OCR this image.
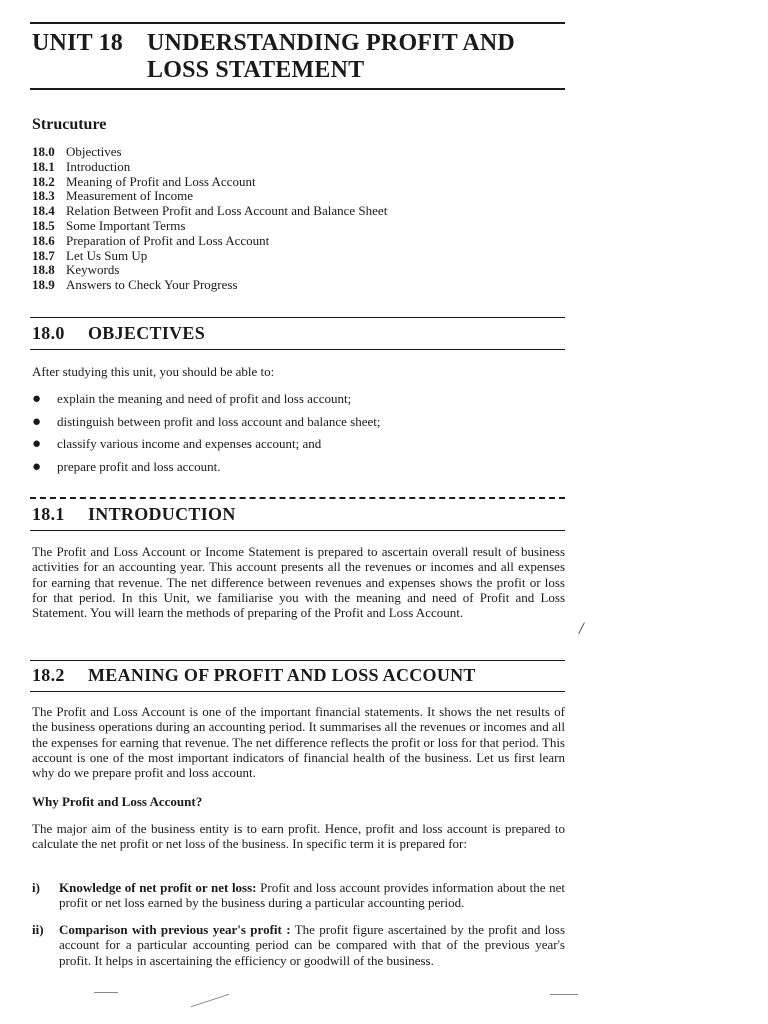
UNIT 18 UNDERSTANDING PROFIT AND
LOSS STATEMENT
Strucuture
18.0 Objectives
18.1 Introduction
18.2 Meaning of Profit and Loss Account
18.3 Measurement of Income
18.4 Relation Between Profit and Loss Account and Balance Sheet
18.5 Some Important Terms
18.6 Preparation of Profit and Loss Account
18.7 Let Us Sum Up
18.8 Keywords
18.9 Answers to Check Your Progress
18.0 OBJECTIVES

After studying this unit, you should be able to:

●	explain the meaning and need of profit and loss account;
●	distinguish between profit and loss account and balance sheet;
●	classify various income and expenses account; and
●	prepare profit and loss account.
18.1 INTRODUCTION

The Profit and Loss Account or Income Statement is prepared to ascertain overall result of business activities for an accounting year. This account presents all the revenues or incomes and all expenses for earning that revenue. The net difference between revenues and expenses shows the profit or loss for that period. In this Unit, we familiarise you with the meaning and need of Profit and Loss Statement. You will learn the methods of preparing of the Profit and Loss Account.

/
18.2 MEANING OF PROFIT AND LOSS ACCOUNT

The Profit and Loss Account is one of the important financial statements. It shows the net results of the business operations during an accounting period. It summarises all the revenues or incomes and all the expenses for earning that revenue. The net difference reflects the profit or loss for that period. This account is one of the most important indicators of financial health of the business. Let us first learn why do we prepare profit and loss account.

Why Profit and Loss Account?

The major aim of the business entity is to earn profit. Hence, profit and loss account is prepared to calculate the net profit or net loss of the business. In specific term it is prepared for:

i)	Knowledge of net profit or net loss: Profit and loss account provides information about the net profit or net loss earned by the business during a particular accounting period.
ii)	Comparison with previous year's profit : The profit figure ascertained by the profit and loss account for a particular accounting period can be compared with that of the previous year's profit. It helps in ascertaining the efficiency or goodwill of the business.
